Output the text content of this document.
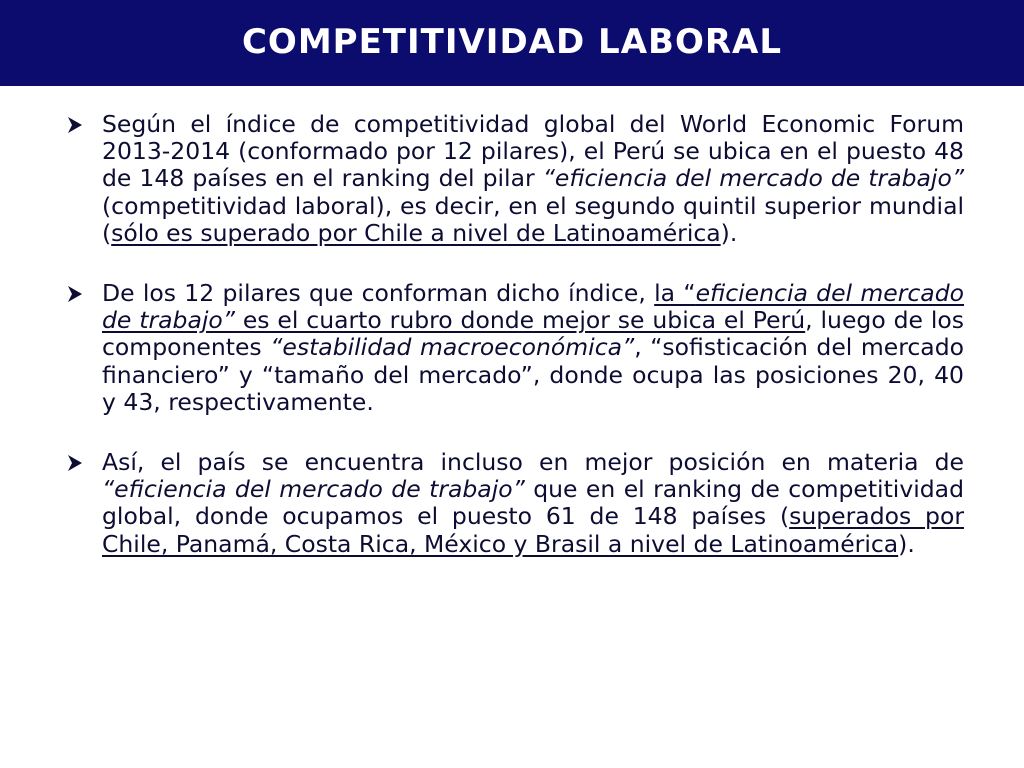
COMPETITIVIDAD LABORAL
Según el índice de competitividad global del World Economic Forum 2013-2014 (conformado por 12 pilares), el Perú se ubica en el puesto 48 de 148 países en el ranking del pilar “eficiencia del mercado de trabajo” (competitividad laboral), es decir, en el segundo quintil superior mundial (sólo es superado por Chile a nivel de Latinoamérica).
De los 12 pilares que conforman dicho índice, la “eficiencia del mercado de trabajo” es el cuarto rubro donde mejor se ubica el Perú, luego de los componentes “estabilidad macroeconómica”, “sofisticación del mercado financiero” y “tamaño del mercado”, donde ocupa las posiciones 20, 40 y 43, respectivamente.
Así, el país se encuentra incluso en mejor posición en materia de “eficiencia del mercado de trabajo” que en el ranking de competitividad global, donde ocupamos el puesto 61 de 148 países (superados por Chile, Panamá, Costa Rica, México y Brasil a nivel de Latinoamérica).
